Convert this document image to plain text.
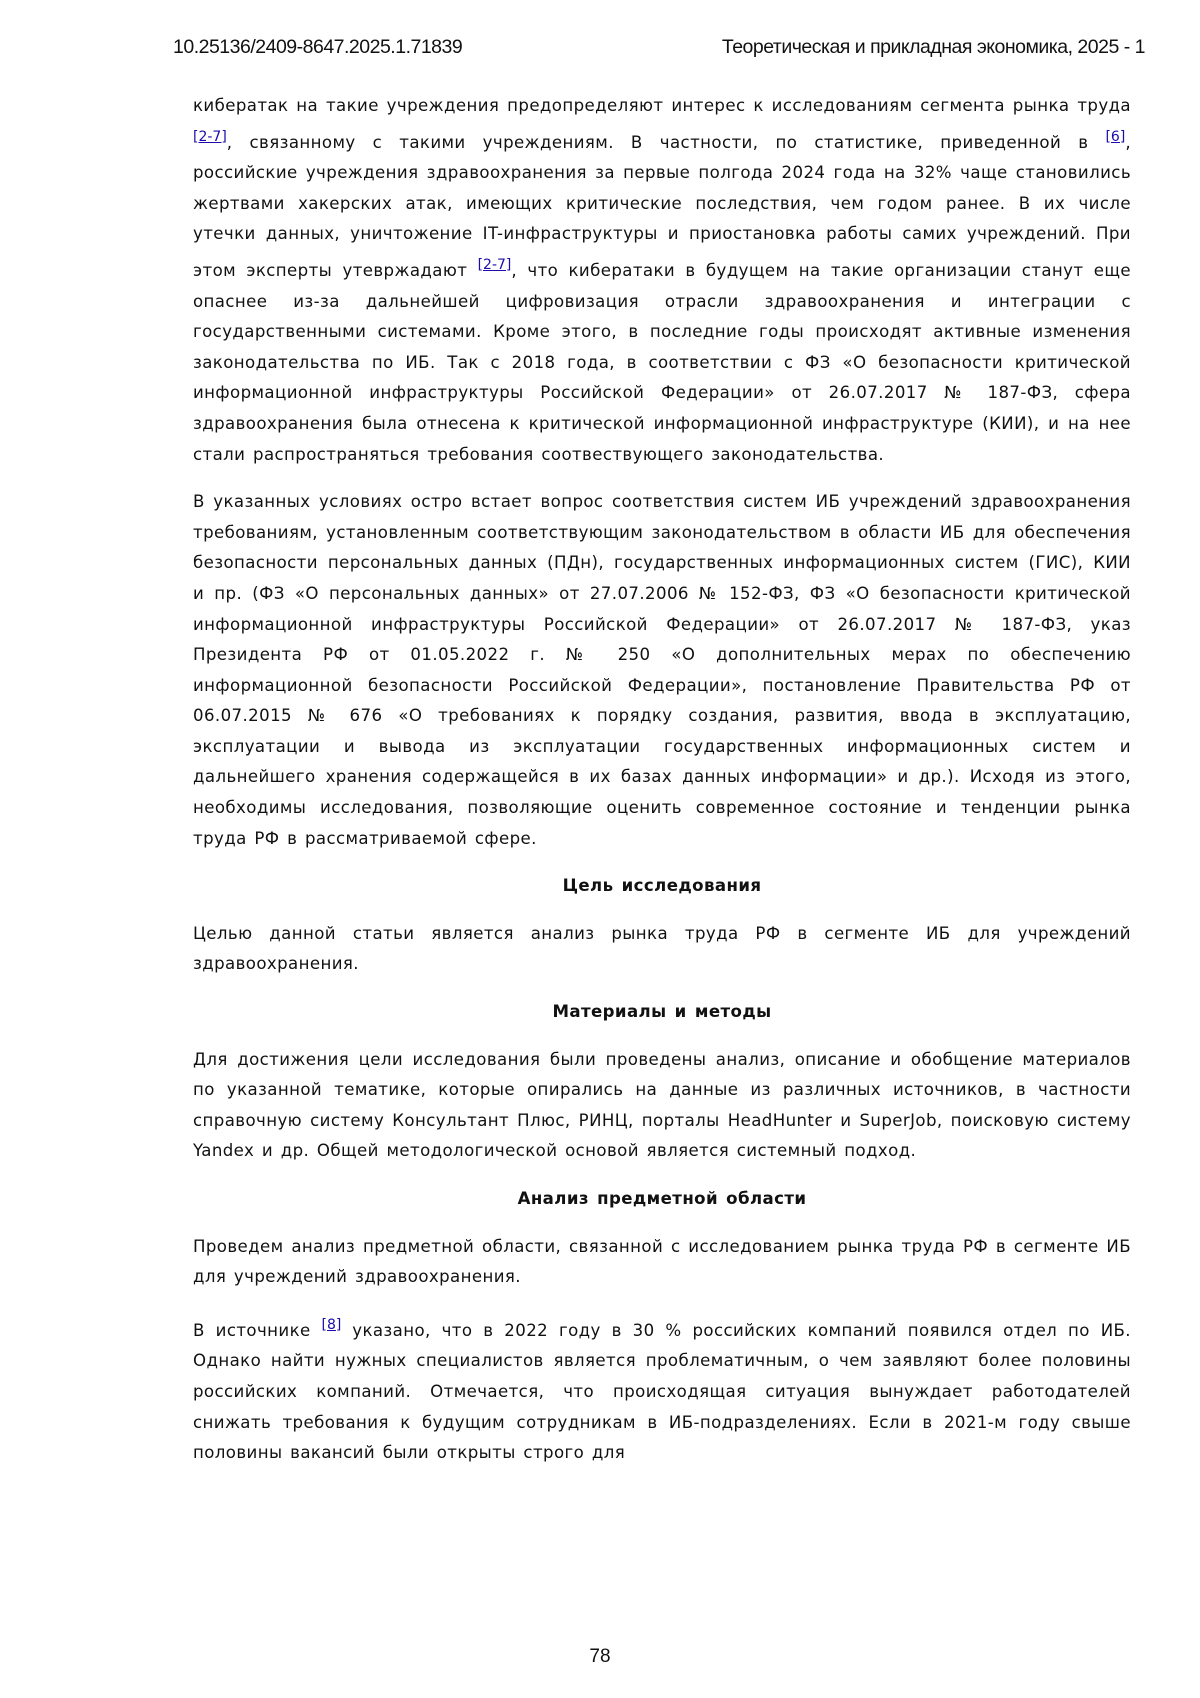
10.25136/2409-8647.2025.1.71839	Теоретическая и прикладная экономика, 2025 - 1

кибератак на такие учреждения предопределяют интерес к исследованиям сегмента рынка труда [2-7], связанному с такими учреждениям. В частности, по статистике, приведенной в [6], российские учреждения здравоохранения за первые полгода 2024 года на 32% чаще становились жертвами хакерских атак, имеющих критические последствия, чем годом ранее. В их числе утечки данных, уничтожение IT-инфраструктуры и приостановка работы самих учреждений. При этом эксперты утевржадают [2-7], что кибератаки в будущем на такие организации станут еще опаснее из-за дальнейшей цифровизация отрасли здравоохранения и интеграции с государственными системами. Кроме этого, в последние годы происходят активные изменения законодательства по ИБ. Так с 2018 года, в соответствии с ФЗ «О безопасности критической информационной инфраструктуры Российской Федерации» от 26.07.2017 № 187-ФЗ, сфера здравоохранения была отнесена к критической информационной инфраструктуре (КИИ), и на нее стали распространяться требования соотвествующего законодательства.

В указанных условиях остро встает вопрос соответствия систем ИБ учреждений здравоохранения требованиям, установленным соответствующим законодательством в области ИБ для обеспечения безопасности персональных данных (ПДн), государственных информационных систем (ГИС), КИИ и пр. (ФЗ «О персональных данных» от 27.07.2006 № 152-ФЗ, ФЗ «О безопасности критической информационной инфраструктуры Российской Федерации» от 26.07.2017 № 187-ФЗ, указ Президента РФ от 01.05.2022 г. № 250 «О дополнительных мерах по обеспечению информационной безопасности Российской Федерации», постановление Правительства РФ от 06.07.2015 № 676 «О требованиях к порядку создания, развития, ввода в эксплуатацию, эксплуатации и вывода из эксплуатации государственных информационных систем и дальнейшего хранения содержащейся в их базах данных информации» и др.). Исходя из этого, необходимы исследования, позволяющие оценить современное состояние и тенденции рынка труда РФ в рассматриваемой сфере.

Цель исследования

Целью данной статьи является анализ рынка труда РФ в сегменте ИБ для учреждений здравоохранения.

Материалы и методы

Для достижения цели исследования были проведены анализ, описание и обобщение материалов по указанной тематике, которые опирались на данные из различных источников, в частности справочную систему Консультант Плюс, РИНЦ, порталы HeadHunter и SuperJob, поисковую систему Yandex и др. Общей методологической основой является системный подход.

Анализ предметной области

Проведем анализ предметной области, связанной с исследованием рынка труда РФ в сегменте ИБ для учреждений здравоохранения.

В источнике [8] указано, что в 2022 году в 30 % российских компаний появился отдел по ИБ. Однако найти нужных специалистов является проблематичным, о чем заявляют более половины российских компаний. Отмечается, что происходящая ситуация вынуждает работодателей снижать требования к будущим сотрудникам в ИБ-подразделениях. Если в 2021-м году свыше половины вакансий были открыты строго для

78
